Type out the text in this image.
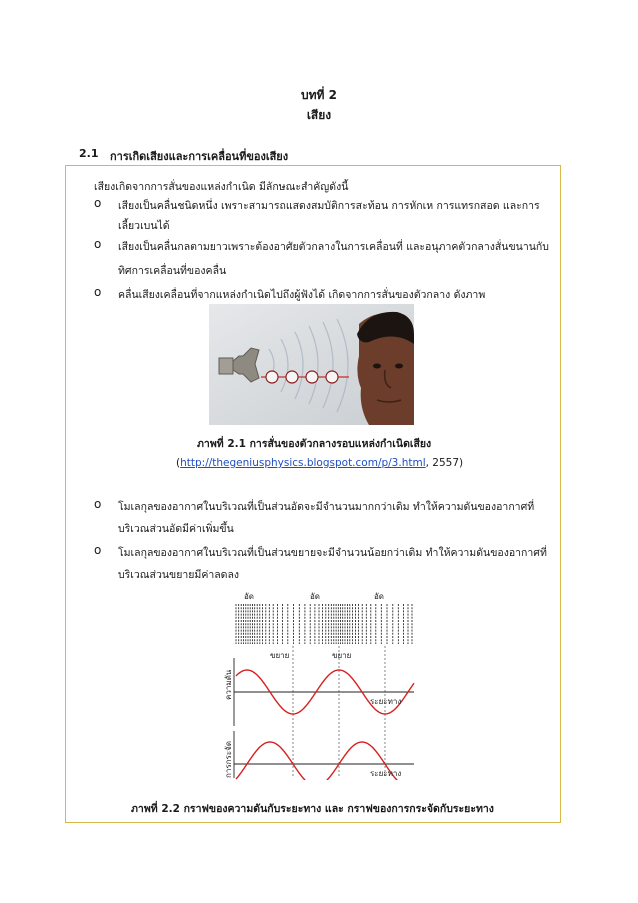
บทที่ 2
เสียง
2.1 การเกิดเสียงและการเคลื่อนที่ของเสียง
เสียงเกิดจากการสั่นของแหล่งกำเนิด มีลักษณะสำคัญดังนี้
o เสียงเป็นคลื่นชนิดหนึ่ง เพราะสามารถแสดงสมบัติการสะท้อน การหักเห การแทรกสอด และการ
เลี้ยวเบนได้
o เสียงเป็นคลื่นกลตามยาวเพราะต้องอาศัยตัวกลางในการเคลื่อนที่ และอนุภาคตัวกลางสั่นขนานกับ
ทิศการเคลื่อนที่ของคลื่น
o คลื่นเสียงเคลื่อนที่จากแหล่งกำเนิดไปถึงผู้ฟังได้ เกิดจากการสั่นของตัวกลาง ดังภาพ
ภาพที่ 2.1 การสั่นของตัวกลางรอบแหล่งกำเนิดเสียง
(http://thegeniusphysics.blogspot.com/p/3.html, 2557)
o โมเลกุลของอากาศในบริเวณที่เป็นส่วนอัดจะมีจำนวนมากกว่าเดิม ทำให้ความดันของอากาศที่
บริเวณส่วนอัดมีค่าเพิ่มขึ้น
o โมเลกุลของอากาศในบริเวณที่เป็นส่วนขยายจะมีจำนวนน้อยกว่าเดิม ทำให้ความดันของอากาศที่
บริเวณส่วนขยายมีค่าลดลง
อัด	อัด	อัด
ขยาย	ขยาย
ระยะทาง
ความดัน
ระยะทาง
การกระจัด
ภาพที่ 2.2 กราฟของความดันกับระยะทาง และ กราฟของการกระจัดกับระยะทาง
